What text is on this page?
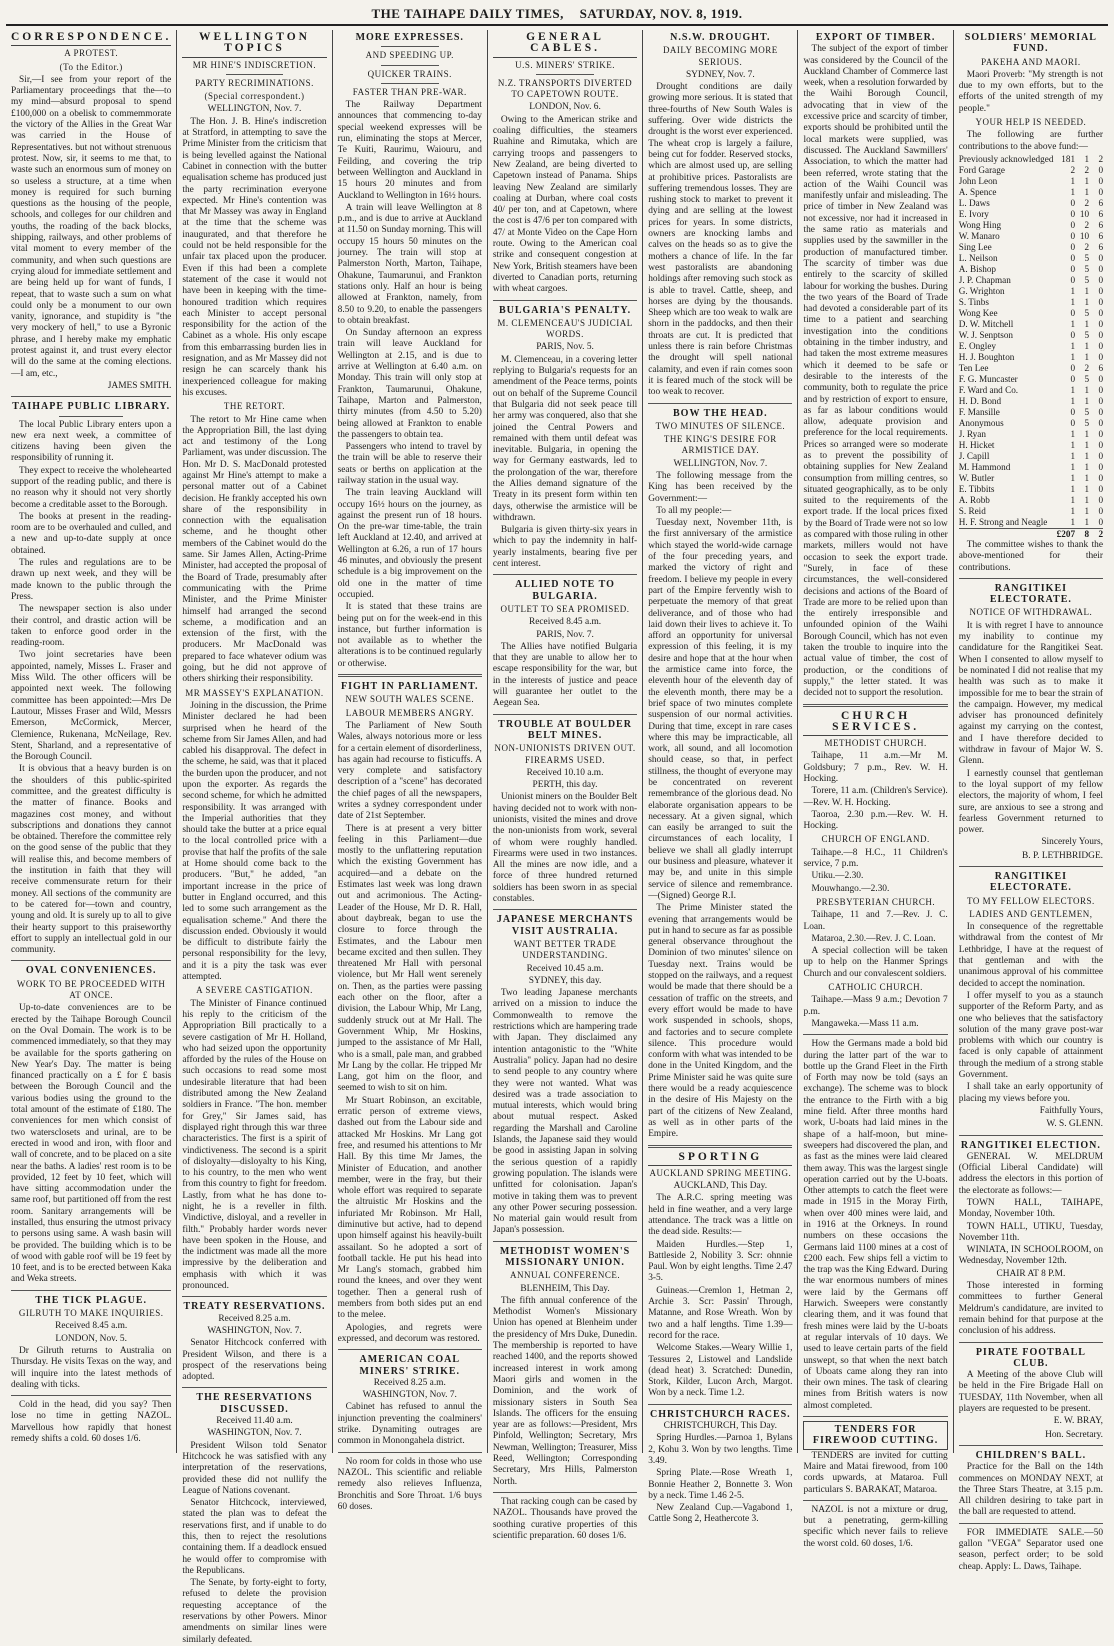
THE TAIHAPE DAILY TIMES, SATURDAY, NOV. 8, 1919.
CORRESPONDENCE.
A PROTEST.
(To the Editor.)

Sir,—I see from your report of the Parliamentary proceedings that the—to my mind—absurd proposal to spend £100,000 on a obelisk to commemmorate the victory of the Allies in the Great War was carried in the House of Representatives. but not without strenuous protest. Now, sir, it seems to me that, to waste such an enormous sum of money on so useless a structure, at a time when money is required for such burning questions as the housing of the people, schools, and colleges for our children and youths, the roading of the back blocks, shipping, railways, and other problems of vital moment to every member of the community, and when such questions are crying aloud for immediate settlement and are being held up for want of funds, I repeat, that to waste such a sum on what could only be a monument to our own vanity, ignorance, and stupidity is "the very mockery of hell," to use a Byronic phrase, and I hereby make my emphatic protest against it, and trust every elector will do the same at the coming elections.—I am, etc.,

JAMES SMITH.
TAIHAPE PUBLIC LIBRARY.

The local Public Library enters upon a new era next week, a committee of citizens having been given the responsibility of running it.

They expect to receive the wholehearted support of the reading public, and there is no reason why it should not very shortly become a creditable asset to the Borough.

The books at present in the reading-room are to be overhauled and culled, and a new and up-to-date supply at once obtained.

The rules and regulations are to be drawn up next week, and they will be made known to the public through the Press.

The newspaper section is also under their control, and drastic action will be taken to enforce good order in the reading-room.

Two joint secretaries have been appointed, namely, Misses L. Fraser and Miss Wild. The other officers will be appointed next week. The following committee has been appointed:—Mrs De Lautour, Misses Fraser and Wild, Messrs Emerson, McCormick, Mercer, Clemience, Rukenana, McNeilage, Rev. Stent, Sharland, and a representative of the Borough Council.

It is obvious that a heavy burden is on the shoulders of this public-spirited committee, and the greatest difficulty is the matter of finance. Books and magazines cost money, and without subscriptions and donations they cannot be obtained. Therefore the committee rely on the good sense of the public that they will realise this, and become members of the institution in faith that they will receive commensurate return for their money. All sections of the community are to be catered for—town and country, young and old. It is surely up to all to give their hearty support to this praiseworthy effort to supply an intellectual gold in our community.

OVAL CONVENIENCES.
WORK TO BE PROCEEDED WITH AT ONCE.

Up-to-date conveniences are to be erected by the Taihape Borough Council on the Oval Domain. The work is to be commenced immediately, so that they may be available for the sports gathering on New Year's Day. The matter is being financed practically on a £ for £ basis between the Borough Council and the various bodies using the ground to the total amount of the estimate of £180. The conveniences for men which consist of two watersclosets and urinal, are to be erected in wood and iron, with floor and wall of concrete, and to be placed on a site near the baths. A ladies' rest room is to be provided, 12 feet by 10 feet, which will have sitting accommodation under the same roof, but partitioned off from the rest room. Sanitary arrangements will be installed, thus ensuring the utmost privacy to persons using same. A wash basin will be provided. The building which is to be of wood with gable roof will be 19 feet by 10 feet, and is to be erected between Kaka and Weka streets.

THE TICK PLAGUE.
GILRUTH TO MAKE INQUIRIES.
Received 8.45 a.m.
LONDON, Nov. 5.

Dr Gilruth returns to Australia on Thursday. He visits Texas on the way, and will inquire into the latest methods of dealing with ticks.

Cold in the head, did you say? Then lose no time in getting NAZOL. Marvellous how rapidly that honest remedy shifts a cold. 60 doses 1/6.

WELLINGTON TOPICS
MR HINE'S INDISCRETION.
PARTY RECRIMINATIONS.
(Special correspondent.)
WELLINGTON, Nov. 7.

The Hon. J. B. Hine's indiscretion at Stratford, in attempting to save the Prime Minister from the criticism that is being levelled against the National Cabinet in connection with the butter equalisation scheme has produced just the party recrimination everyone expected. Mr Hine's contention was that Mr Massey was away in England at the time that the scheme was inaugurated, and that therefore he could not be held responsible for the unfair tax placed upon the producer. Even if this had been a complete statement of the case it would not have been in keeping with the time-honoured tradition which requires each Minister to accept personal responsibility for the action of the Cabinet as a whole. His only escape from this embarrassing burden lies in resignation, and as Mr Massey did not resign he can scarcely thank his inexperienced colleague for making his excuses.

THE RETORT.

The retort to Mr Hine came when the Appropriation Bill, the last dying act and testimony of the Long Parliament, was under discussion. The Hon. Mr D. S. MacDonald protested against Mr Hine's attempt to make a personal matter out of a Cabinet decision. He frankly accepted his own share of the responsibility in connection with the equalisation scheme, and he thought other members of the Cabinet would do the same. Sir James Allen, Acting-Prime Minister, had accepted the proposal of the Board of Trade, presumably after communicating with the Prime Minister, and the Prime Minister himself had arranged the second scheme, a modification and an extension of the first, with the producers. Mr MacDonald was prepared to face whatever odium was going, but he did not approve of others shirking their responsibility.

MR MASSEY'S EXPLANATION.

Joining in the discussion, the Prime Minister declared he had been surprised when he heard of the scheme from Sir James Allen, and had cabled his disapproval. The defect in the scheme, he said, was that it placed the burden upon the producer, and not upon the exporter. As regards the second scheme, for which he admitted responsibility. It was arranged with the Imperial authorities that they should take the butter at a price equal to the local controlled price with a provise that half the profits of the sale at Home should come back to the producers. "But," he added, "an important increase in the price of butter in England occurred, and this led to some such arrangement as the equalisation scheme." And there the discussion ended. Obviously it would be difficult to distribute fairly the personal responsibility for the levy, and it is a pity the task was ever attempted.

A SEVERE CASTIGATION.

The Minister of Finance continued his reply to the criticism of the Appropriation Bill practically to a severe castigation of Mr H. Holland, who had seized upon the opportunity afforded by the rules of the House on such occasions to read some most undesirable literature that had been distributed among the New Zealand soldiers in France. "The hon. member for Grey," Sir James said, has displayed right through this war three characteristics. The first is a spirit of vindictiveness. The second is a spirit of disloyalty—disloyalty to his King, to his country, to the men who went from this country to fight for freedom. Lastly, from what he has done to-night, he is a reveller in filth. Vindictive, disloyal, and a reveller in filth." Probably harder words never have been spoken in the House, and the indictment was made all the more impressive by the deliberation and emphasis with which it was pronounced.

TREATY RESERVATIONS.
Received 8.25 a.m.
WASHINGTON, Nov. 7.

Senator Hitchcock conferred with President Wilson, and there is a prospect of the reservations being adopted.

THE RESERVATIONS DISCUSSED.
Received 11.40 a.m.
WASHINGTON, Nov. 7.

President Wilson told Senator Hitchcock he was satisfied with any interpretation of the reservations, provided these did not nullify the League of Nations covenant.

Senator Hitchcock, interviewed, stated the plan was to defeat the reservations first, and if unable to do this, then to reject the resolutions containing them. If a deadlock ensued he would offer to compromise with the Republicans.

The Senate, by forty-eight to forty, refused to delete the provision requesting acceptance of the reservations by other Powers. Minor amendments on similar lines were similarly defeated.

MORE EXPRESSES.
AND SPEEDING UP.
QUICKER TRAINS.
FASTER THAN PRE-WAR.

The Railway Department announces that commencing to-day special weekend expresses will be run, eliminating the stops at Mercer, Te Kuiti, Raurimu, Waiouru, and Feilding, and covering the trip between Wellington and Auckland in 15 hours 20 minutes and from Auckland to Wellington in 16½ hours.

A train will leave Wellington at 8 p.m., and is due to arrive at Auckland at 11.50 on Sunday morning. This will occupy 15 hours 50 minutes on the journey. The train will stop at Palmerston North, Marton, Taihape, Ohakune, Taumarunui, and Frankton stations only. Half an hour is being allowed at Frankton, namely, from 8.50 to 9.20, to enable the passengers to obtain breakfast.

On Sunday afternoon an express train will leave Auckland for Wellington at 2.15, and is due to arrive at Wellington at 6.40 a.m. on Monday. This train will only stop at Frankton, Taumarunui, Ohakune, Taihape, Marton and Palmerston, thirty minutes (from 4.50 to 5.20) being allowed at Frankton to enable the passengers to obtain tea.

Passengers who intend to travel by the train will be able to reserve their seats or berths on application at the railway station in the usual way.

The train leaving Auckland will occupy 16½ hours on the journey, as against the present run of 18 hours. On the pre-war time-table, the train left Auckland at 12.40, and arrived at Wellington at 6.26, a run of 17 hours 46 minutes, and obviously the present schedule is a big improvement on the old one in the matter of time occupied.

It is stated that these trains are being put on for the week-end in this instance, but further information is not available as to whether the alterations is to be continued regularly or otherwise.

FIGHT IN PARLIAMENT.
NEW SOUTH WALES SCENE.
LABOUR MEMBERS ANGRY.

The Parliament of New South Wales, always notorious more or less for a certain element of disorderliness, has again had recourse to fisticuffs. A very complete and satisfactory description of a "scene" has decorated the chief pages of all the newspapers, writes a sydney correspondent under date of 21st September.

There is at present a very bitter feeling in this Parliament—due mostly to the unflattering reputation which the existing Government has acquired—and a debate on the Estimates last week was long drawn out and acrimonious. The Acting-Leader of the House, Mr D. R. Hall, about daybreak, began to use the closure to force through the Estimates, and the Labour men became excited and then sullen. They threatened Mr Hall with personal violence, but Mr Hall went serenely on. Then, as the parties were passing each other on the floor, after a division, the Labour Whip, Mr Lang, suddenly struck out at Mr Hall. The Government Whip, Mr Hoskins, jumped to the assistance of Mr Hall, who is a small, pale man, and grabbed Mr Lang by the collar. He tripped Mr Lang, got him on the floor, and seemed to wish to sit on him.

Mr Stuart Robinson, an excitable, erratic person of extreme views, dashed out from the Labour side and attacked Mr Hoskins. Mr Lang got free, and resumed his attentions to Mr Hall. By this time Mr James, the Minister of Education, and another member, were in the fray, but their whole effort was required to separate the altruistic Mr Hoskins and the infuriated Mr Robinson. Mr Hall, diminutive but active, had to depend upon himself against his heavily-built assailant. So he adopted a sort of football tackle. He put his head into Mr Lang's stomach, grabbed him round the knees, and over they went together. Then a general rush of members from both sides put an end to the melee.

Apologies, and regrets were expressed, and decorum was restored.

AMERICAN COAL MINERS' STRIKE.
Received 8.25 a.m.
WASHINGTON, Nov. 7.

Cabinet has refused to annul the injunction preventing the coalminers' strike. Dynamiting outrages are common in Monongahela district.

No room for colds in those who use NAZOL. This scientific and reliable remedy also relieves Influenza, Bronchitis and Sore Throat. 1/6 buys 60 doses.

GENERAL CABLES.
U.S. MINERS' STRIKE.
N.Z. TRANSPORTS DIVERTED TO CAPETOWN ROUTE.
LONDON, Nov. 6.

Owing to the American strike and coaling difficulties, the steamers Ruahine and Rimutaka, which are carrying troops and passengers to New Zealand, are being diverted to Capetown instead of Panama. Ships leaving New Zealand are similarly coaling at Durban, where coal costs 40/ per ton, and at Capetown, where the cost is 47/6 per ton compared with 47/ at Monte Video on the Cape Horn route. Owing to the American coal strike and consequent congestion at New York, British steamers have been diverted to Canadian ports, returning with wheat cargoes.

BULGARIA'S PENALTY.
M. CLEMENCEAU'S JUDICIAL WORDS.
PARIS, Nov. 5.

M. Clemenceau, in a covering letter replying to Bulgaria's requests for an amendment of the Peace terms, points out on behalf of the Supreme Council that Bulgaria did not seek peace till her army was conquered, also that she joined the Central Powers and remained with them until defeat was inevitable. Bulgaria, in opening the way for Germany eastwards, led to the prolongation of the war, therefore the Allies demand signature of the Treaty in its present form within ten days, otherwise the armistice will be withdrawn.

Bulgaria is given thirty-six years in which to pay the indemnity in half-yearly instalments, bearing five per cent interest.

ALLIED NOTE TO BULGARIA.
OUTLET TO SEA PROMISED.
Received 8.45 a.m.
PARIS, Nov. 7.

The Allies have notified Bulgaria that they are unable to allow her to escape responsibility for the war, but in the interests of justice and peace will guarantee her outlet to the Aegean Sea.

TROUBLE AT BOULDER BELT MINES.
NON-UNIONISTS DRIVEN OUT. FIREARMS USED.
Received 10.10 a.m.
PERTH, this day.

Unionist miners on the Boulder Belt having decided not to work with non-unionists, visited the mines and drove the non-unionists from work, several of whom were roughly handled. Firearms were used in two instances. All the mines are now idle, and a force of three hundred returned soldiers has been sworn in as special constables.

JAPANESE MERCHANTS VISIT AUSTRALIA.
WANT BETTER TRADE UNDERSTANDING.
Received 10.45 a.m.
SYDNEY, this day.

Two leading Japanese merchants arrived on a mission to induce the Commonwealth to remove the restrictions which are hampering trade with Japan. They disclaimed any intention antagonistic to the "White Australia" policy. Japan had no desire to send people to any country where they were not wanted. What was desired was a trade association to mutual interests, which would bring about mutual respect. Asked regarding the Marshall and Caroline Islands, the Japanese said they would be good in assisting Japan in solving the serious question of a rapidly growing population. The islands were unfitted for colonisation. Japan's motive in taking them was to prevent any other Power securing possession. No material gain would result from Japan's possession.

METHODIST WOMEN'S MISSIONARY UNION.
ANNUAL CONFERENCE.
BLENHEIM, This Day.

The fifth annual conference of the Methodist Women's Missionary Union has opened at Blenheim under the presidency of Mrs Duke, Dunedin. The membership is reported to have reached 1400, and the reports showed increased interest in work among Maori girls and women in the Dominion, and the work of missionary sisters in South Sea Islands. The officers for the ensuing year are as follows:—President, Mrs Pinfold, Wellington; Secretary, Mrs Newman, Wellington; Treasurer, Miss Reed, Wellington; Corresponding Secretary, Mrs Hills, Palmerston North.

That racking cough can be cased by NAZOL. Thousands have proved the soothing curative properties of this scientific preparation. 60 doses 1/6.

N.S.W. DROUGHT.
DAILY BECOMING MORE SERIOUS.
SYDNEY, Nov. 7.

Drought conditions are daily growing more serious. It is stated that three-fourths of New South Wales is suffering. Over wide districts the drought is the worst ever experienced. The wheat crop is largely a failure, being cut for fodder. Reserved stocks, which are almost used up, are selling at prohibitive prices. Pastoralists are suffering tremendous losses. They are rushing stock to market to prevent it dying and are selling at the lowest prices for years. In some districts, owners are knocking lambs and calves on the heads so as to give the mothers a chance of life. In the far west pastoralists are abandoning holdings after removing such stock as is able to travel. Cattle, sheep, and horses are dying by the thousands. Sheep which are too weak to walk are shorn in the paddocks, and then their throats are cut. It is predicted that unless there is rain before Christmas the drought will spell national calamity, and even if rain comes soon it is feared much of the stock will be too weak to recover.

BOW THE HEAD.
TWO MINUTES OF SILENCE.
THE KING'S DESIRE FOR ARMISTICE DAY.
WELLINGTON, Nov. 7.

The following message from the King has been received by the Government:—

To all my people:—

Tuesday next, November 11th, is the first anniversary of the armistice which stayed the world-wide carnage of the four preceding years, and marked the victory of right and freedom. I believe my people in every part of the Empire fervently wish to perpetuate the memory of that great deliverance, and of those who had laid down their lives to achieve it. To afford an opportunity for universal expression of this feeling, it is my desire and hope that at the hour when the armistice came into force, the eleventh hour of the eleventh day of the eleventh month, there may be a brief space of two minutes complete suspension of our normal activities. During that time, except in rare cases where this may be impracticable, all work, all sound, and all locomotion should cease, so that, in perfect stillness, the thought of everyone may be concentrated on reverent remembrance of the glorious dead. No elaborate organisation appears to be necessary. At a given signal, which can easily be arranged to suit the circumstances of each locality, I believe we shall all gladly interrupt our business and pleasure, whatever it may be, and unite in this simple service of silence and remembrance.—(Signed) George R.I.

The Prime Minister stated the evening that arrangements would be put in hand to secure as far as possible general observance throughout the Dominion of two minutes' silence on Tuesday next. Trains would be stopped on the railways, and a request would be made that there should be a cessation of traffic on the streets, and every effort would be made to have work suspended in schools, shops, and factories and to secure complete silence. This procedure would conform with what was intended to be done in the United Kingdom, and the Prime Minister said he was quite sure there would be a ready acquiescence in the desire of His Majesty on the part of the citizens of New Zealand, as well as in other parts of the Empire.

SPORTING
AUCKLAND SPRING MEETING.
AUCKLAND, This Day.

The A.R.C. spring meeting was held in fine weather, and a very large attendance. The track was a little on the dead side. Results:—

Maiden Hurdles.—Step 1, Battleside 2, Nobility 3. Scr: ohnnie Paul. Won by eight lengths. Time 2.47 3-5.

Guineas.—Cremlon 1, Hetman 2, Archie 3. Scr: Passin' Through, Matanne, and Rose Wreath. Won by two and a half lengths. Time 1.39—record for the race.

Welcome Stakes.—Weary Willie 1, Tessures 2, Listowel and Landslide (dead heat) 3. Scratched: Dunedin, Stork, Kilder, Lucon Arch, Margot. Won by a neck. Time 1.2.

CHRISTCHURCH RACES.
CHRISTCHURCH, This Day.

Spring Hurdles.—Parnoa 1, Bylans 2, Kohu 3. Won by two lengths. Time 3.49.

Spring Plate.—Rose Wreath 1, Bonnie Heather 2, Bonnette 3. Won by a neck. Time 1.46 2-5.

New Zealand Cup.—Vagabond 1, Cattle Song 2, Heathercote 3.

EXPORT OF TIMBER.

The subject of the export of timber was considered by the Council of the Auckland Chamber of Commerce last week, when a resolution forwarded by the Waihi Borough Council, advocating that in view of the excessive price and scarcity of timber, exports should be prohibited until the local markets were supplied, was discussed. The Auckland Sawmillers' Association, to which the matter had been referred, wrote stating that the action of the Waihi Council was manifestly unfair and misleading. The price of timber in New Zealand was not excessive, nor had it increased in the same ratio as materials and supplies used by the sawmiller in the production of manufactured timber. The scarcity of timber was due entirely to the scarcity of skilled labour for working the bushes. During the two years of the Board of Trade had devoted a considerable part of its time to a patient and searching investigation into the conditions obtaining in the timber industry, and had taken the most extreme measures which it deemed to be safe or desirable to the interests of the community, both to regulate the price and by restriction of export to ensure, as far as labour conditions would allow, adequate provision and preference for the local requirements. Prices so arranged were so moderate as to prevent the possibility of obtaining supplies for New Zealand consumption from milling centres, so situated geographically, as to be only suited to the requirements of the export trade. If the local prices fixed by the Board of Trade were not so low as compared with those ruling in other markets, millers would not have occasion to seek the export trade. "Surely, in face of these circumstances, the well-considered decisions and actions of the Board of Trade are more to be relied upon than the entirely irresponsible and unfounded opinion of the Waihi Borough Council, which has not even taken the trouble to inquire into the actual value of timber, the cost of production, or the conditions of supply," the letter stated. It was decided not to support the resolution.

CHURCH SERVICES.
METHODIST CHURCH.

Taihape, 11 a.m.—Mr M. Goldsbury; 7 p.m., Rev. W. H. Hocking.

Torere, 11 a.m. (Children's Service).—Rev. W. H. Hocking.

Taoroa, 2.30 p.m.—Rev. W. H. Hocking.

CHURCH OF ENGLAND.

Taihape.—8 H.C., 11 Children's service, 7 p.m.

Utiku.—2.30.

Mouwhango.—2.30.

PRESBYTERIAN CHURCH.

Taihape, 11 and 7.—Rev. J. C. Loan.

Mataroa, 2.30.—Rev. J. C. Loan.

A special collection will be taken up to help on the Hanmer Springs Church and our convalescent soldiers.

CATHOLIC CHURCH.

Taihape.—Mass 9 a.m.; Devotion 7 p.m.

Mangaweka.—Mass 11 a.m.

How the Germans made a bold bid during the latter part of the war to bottle up the Grand Fleet in the Firth of Forth may now be told (says an exchange). The scheme was to block the entrance to the Firth with a big mine field. After three months hard work, U-boats had laid mines in the shape of a half-moon, but mine-sweepers had discovered the plan, and as fast as the mines were laid cleared them away. This was the largest single operation carried out by the U-boats. Other attempts to catch the fleet were made in 1915 in the Moray Firth, when over 400 mines were laid, and in 1916 at the Orkneys. In round numbers on these occasions the Germans laid 1100 mines at a cost of £200 each. Few ships fell a victim to the trap was the King Edward. During the war enormous numbers of mines were laid by the Germans off Harwich. Sweepers were constantly clearing them, and it was found that fresh mines were laid by the U-boats at regular intervals of 10 days. We used to leave certain parts of the field unswept, so that when the next batch of Uboats came along they ran into their own mines. The task of clearing mines from British waters is now almost completed.

TENDERS FOR FIREWOOD CUTTING.

TENDERS are invited for cutting Maire and Matai firewood, from 100 cords upwards, at Mataroa. Full particulars S. BARAKAT, Mataroa.

NAZOL is not a mixture or drug, but a penetrating, germ-killing specific which never fails to relieve the worst cold. 60 doses, 1/6.

SOLDIERS' MEMORIAL FUND.
PAKEHA AND MAORI.

Maori Proverb: "My strength is not due to my own efforts, but to the efforts of the united strength of my people."

YOUR HELP IS NEEDED.

The following are further contributions to the above fund:—

Previously acknowledged	181	1	2
Ford Garage	2	2	0
John Leon	1	1	0
A. Spence	1	1	0
L. Daws	0	2	6
E. Ivory	0	10	6
Wong Hing	0	2	6
W. Manaro	0	10	6
Sing Lee	0	2	6
L. Neilson	0	5	0
A. Bishop	0	5	0
J. P. Chapman	0	5	0
G. Wrighton	1	1	0
S. Tinbs	1	1	0
Wong Kee	0	5	0
D. W. Mitchell	1	1	0
W. J. Senptson	0	5	0
E. Ongley	1	1	0
H. J. Boughton	1	1	0
Ten Lee	0	2	6
F. G. Muncaster	0	5	0
F. Ward and Co.	1	1	0
H. D. Bond	1	1	0
F. Mansille	0	5	0
Anonymous	0	5	0
J. Ryan	1	1	0
H. Hicket	1	1	0
J. Capill	1	1	0
M. Hammond	1	1	0
W. Butler	1	1	0
E. Tibbits	1	1	0
A. Robb	1	1	0
S. Reid	1	1	0
H. F. Strong and Neagle	1	1	0
	£207	8	2

The committee wishes to thank the above-mentioned for their contributions.

RANGITIKEI ELECTORATE.
NOTICE OF WITHDRAWAL.

It is with regret I have to announce my inability to continue my candidature for the Rangitikei Seat. When I consented to allow myself to be nominated I did not realise that my health was such as to make it impossible for me to bear the strain of the campaign. However, my medical adviser has pronounced definitely against my carrying on the contest, and I have therefore decided to withdraw in favour of Major W. S. Glenn.

I earnestly counsel that gentleman to the loyal support of my fellow electors, the majority of whom, I feel sure, are anxious to see a strong and fearless Government returned to power.

Sincerely Yours,
B. P. LETHBRIDGE.
RANGITIKEI ELECTORATE.
TO MY FELLOW ELECTORS.
LADIES AND GENTLEMEN,

In consequence of the regrettable withdrawal from the contest of Mr Lethbridge, I have at the request of that gentleman and with the unanimous approval of his committee decided to accept the nomination.

I offer myself to you as a staunch supporter of the Reform Party, and as one who believes that the satisfactory solution of the many grave post-war problems with which our country is faced is only capable of attainment through the medium of a strong stable Government.

I shall take an early opportunity of placing my views before you.

Faithfully Yours,
W. S. GLENN.
RANGITIKEI ELECTION.

GENERAL W. MELDRUM (Official Liberal Candidate) will address the electors in this portion of the electorate as follows:—

TOWN HALL, TAIHAPE, Monday, November 10th.

TOWN HALL, UTIKU, Tuesday, November 11th.

WINIATA, IN SCHOOLROOM, on Wednesday, November 12th.

CHAIR AT 8 P.M.

Those interested in forming committees to further General Meldrum's candidature, are invited to remain behind for that purpose at the conclusion of his address.

PIRATE FOOTBALL CLUB.

A Meeting of the above Club will be held in the Fire Brigade Hall on TUESDAY, 11th November, when all players are requested to be present.

E. W. BRAY,
Hon. Secretary.
CHILDREN'S BALL.

Practice for the Ball on the 14th commences on MONDAY NEXT, at the Three Stars Theatre, at 3.15 p.m. All children desiring to take part in the ball are requested to attend.

FOR IMMEDIATE SALE.—50 gallon "VEGA" Separator used one season, perfect order; to be sold cheap. Apply: L. Daws, Taihape.
